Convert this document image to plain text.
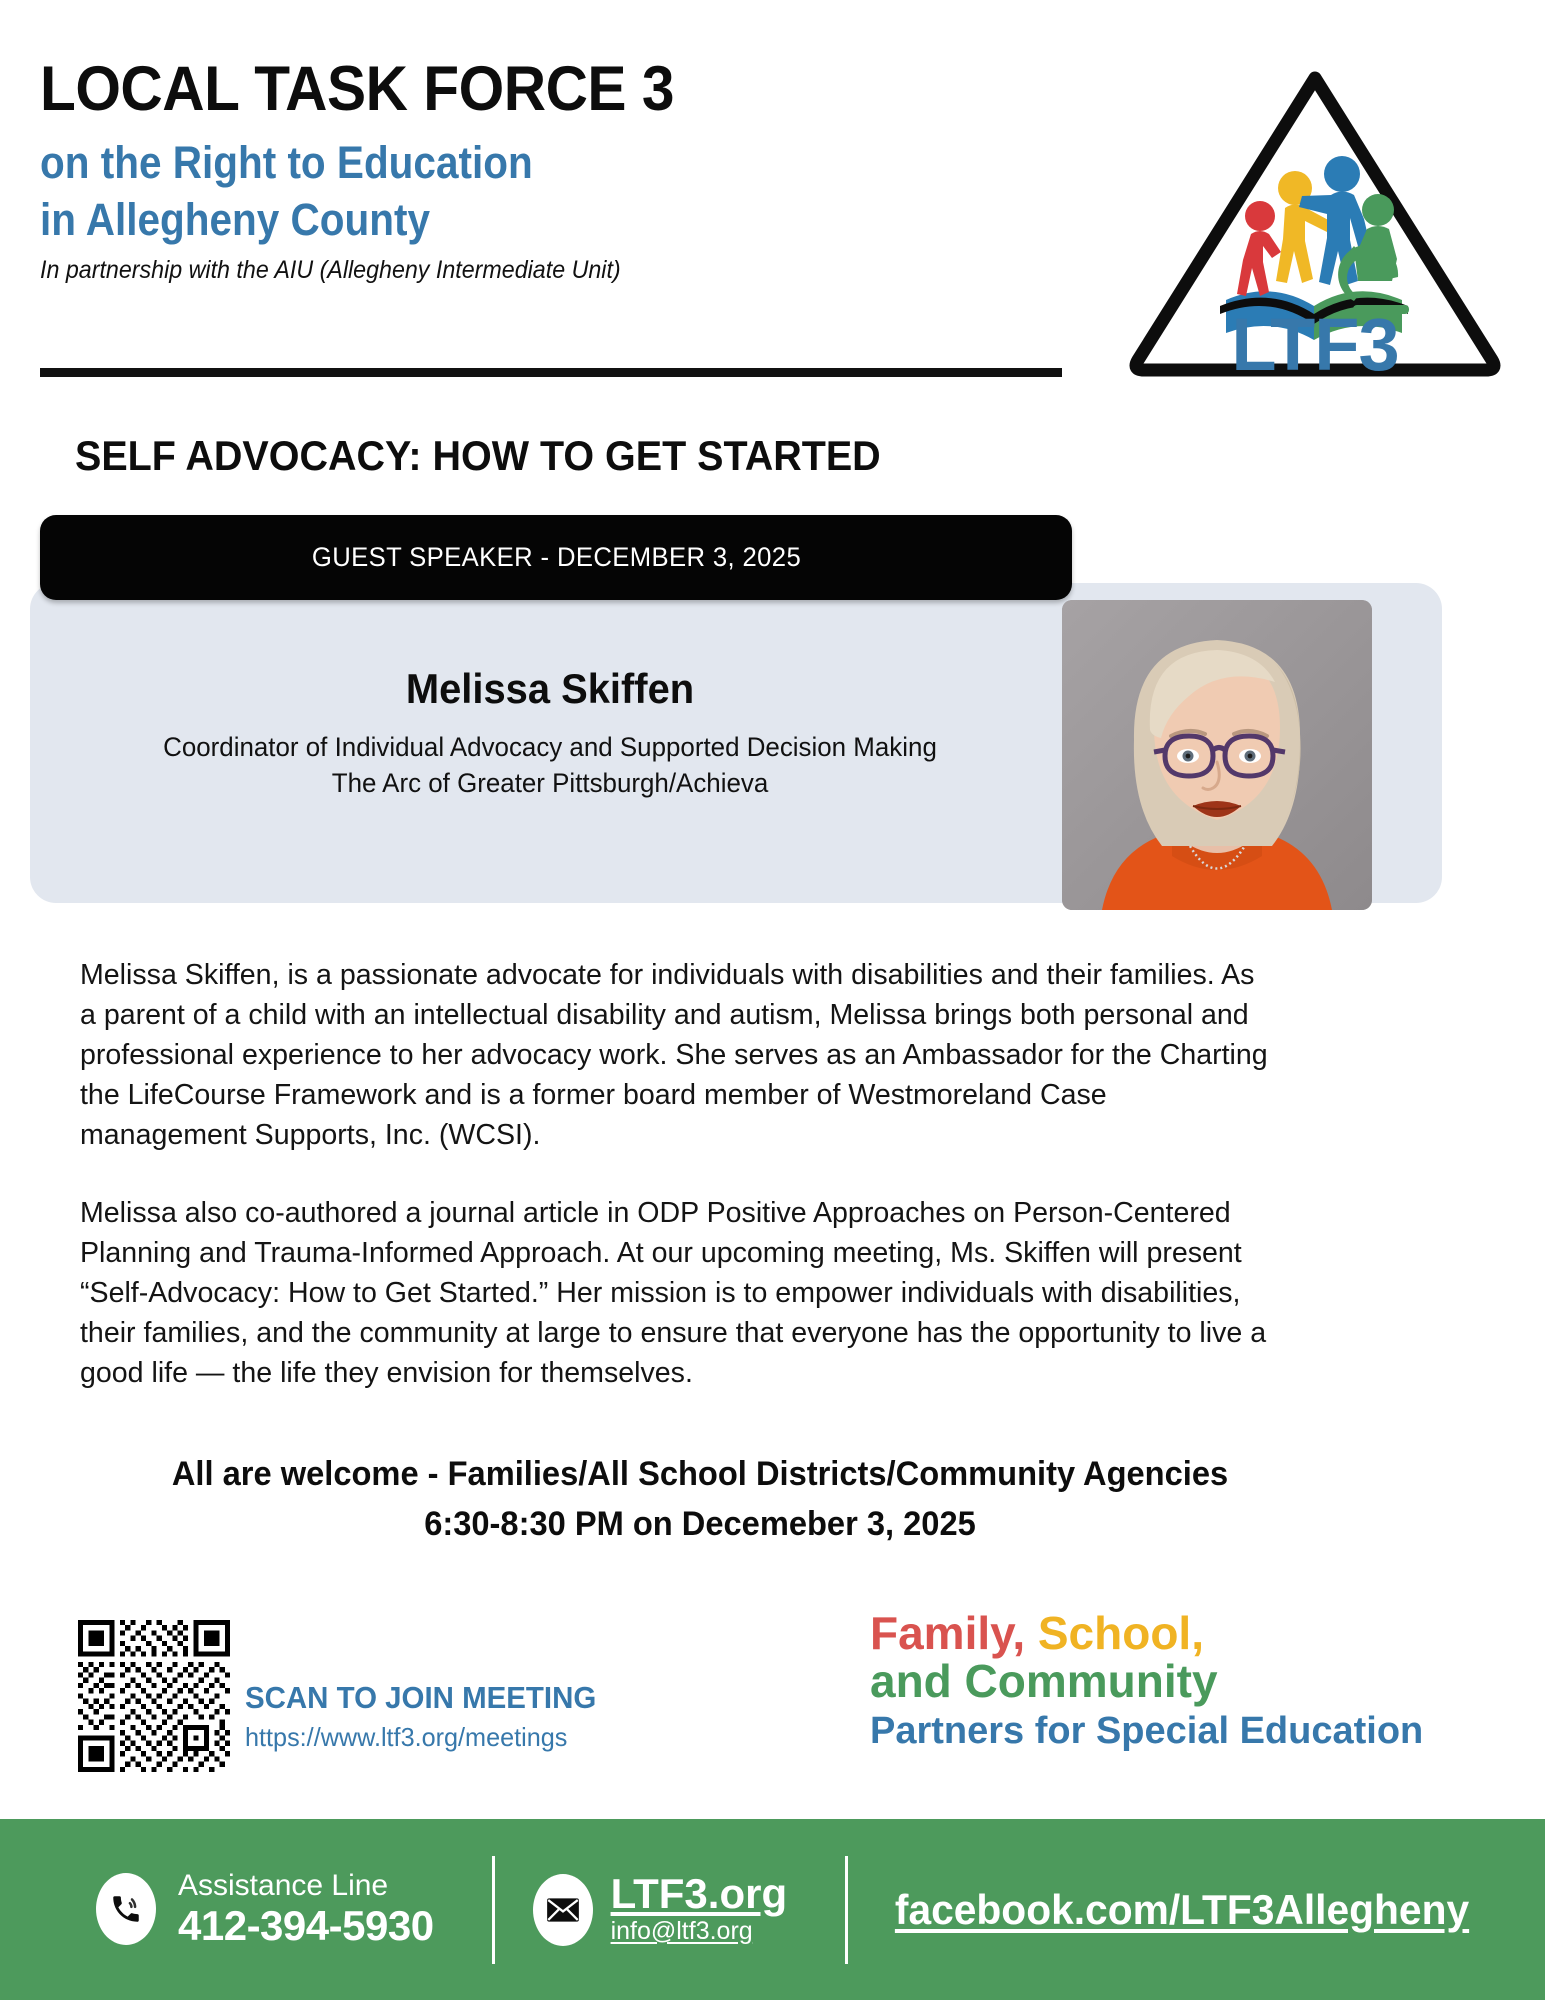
LOCAL TASK FORCE 3
on the Right to Education
in Allegheny County
In partnership with the AIU (Allegheny Intermediate Unit)
LTF3
SELF ADVOCACY: HOW TO GET STARTED
GUEST SPEAKER - DECEMBER 3, 2025
Melissa Skiffen
Coordinator of Individual Advocacy and Supported Decision Making
The Arc of Greater Pittsburgh/Achieva
Melissa Skiffen, is a passionate advocate for individuals with disabilities and their families. As
a parent of a child with an intellectual disability and autism, Melissa brings both personal and
professional experience to her advocacy work. She serves as an Ambassador for the Charting
the LifeCourse Framework and is a former board member of Westmoreland Case
management Supports, Inc. (WCSI).
Melissa also co-authored a journal article in ODP Positive Approaches on Person-Centered
Planning and Trauma-Informed Approach. At our upcoming meeting, Ms. Skiffen will present
“Self-Advocacy: How to Get Started.” Her mission is to empower individuals with disabilities,
their families, and the community at large to ensure that everyone has the opportunity to live a
good life — the life they envision for themselves.
All are welcome - Families/All School Districts/Community Agencies
6:30-8:30 PM on Decemeber 3, 2025
SCAN TO JOIN MEETING
https://www.ltf3.org/meetings
Family, School,
and Community
Partners for Special Education
Assistance Line
412-394-5930
LTF3.org
info@ltf3.org	facebook.com/LTF3Allegheny
